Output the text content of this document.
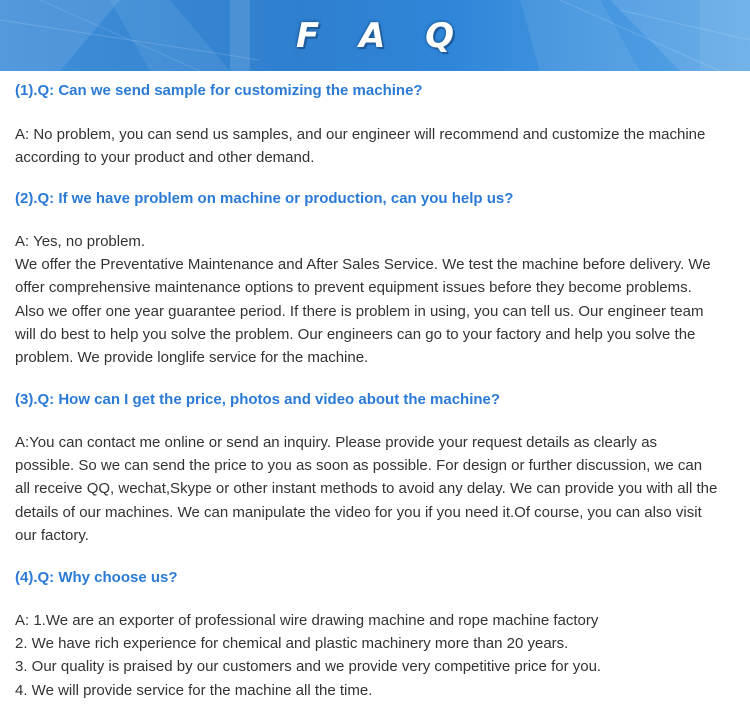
F A Q

(1).Q: Can we send sample for customizing the machine?

A: No problem, you can send us samples, and our engineer will recommend and customize the machine
according to your product and other demand.

(2).Q: If we have problem on machine or production, can you help us?

A: Yes, no problem.
We offer the Preventative Maintenance and After Sales Service. We test the machine before delivery. We
offer comprehensive maintenance options to prevent equipment issues before they become problems.
Also we offer one year guarantee period. If there is problem in using, you can tell us. Our engineer team
will do best to help you solve the problem. Our engineers can go to your factory and help you solve the
problem. We provide longlife service for the machine.

(3).Q: How can I get the price, photos and video about the machine?

A:You can contact me online or send an inquiry. Please provide your request details as clearly as
possible. So we can send the price to you as soon as possible. For design or further discussion, we can
all receive QQ, wechat,Skype or other instant methods to avoid any delay. We can provide you with all the
details of our machines. We can manipulate the video for you if you need it.Of course, you can also visit
our factory.

(4).Q: Why choose us?

A: 1.We are an exporter of professional wire drawing machine and rope machine factory
2. We have rich experience for chemical and plastic machinery more than 20 years.
3. Our quality is praised by our customers and we provide very competitive price for you.
4. We will provide service for the machine all the time.
